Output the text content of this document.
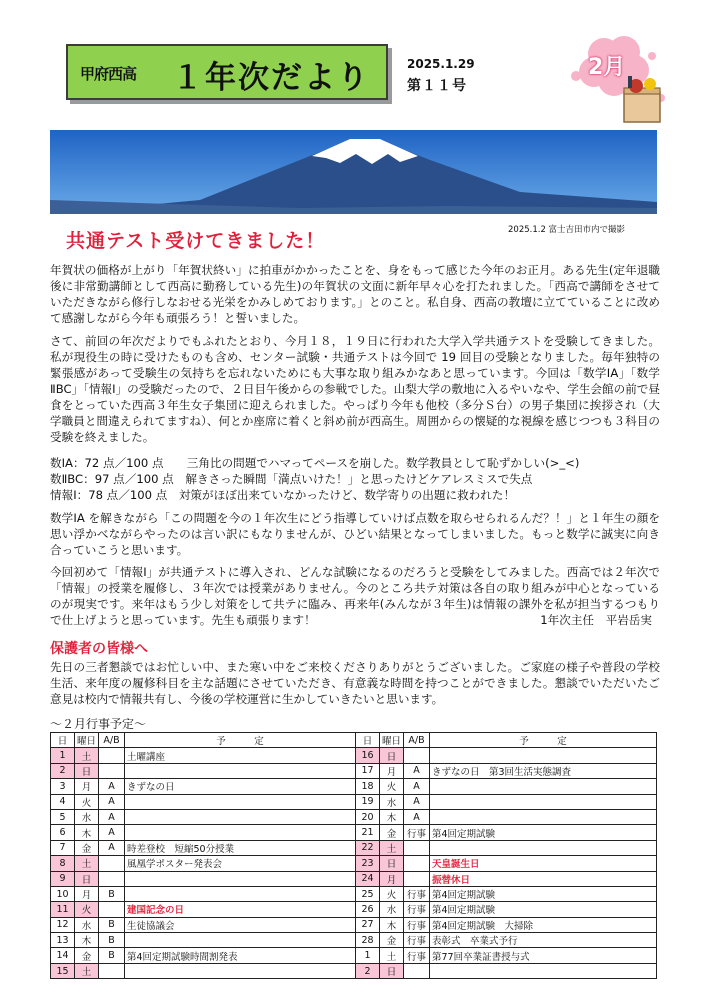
甲府西高 １年次だより	2025.1.29
第１１号
2月
2025.1.2 富士吉田市内で撮影
共通テスト受けてきました！

年賀状の価格が上がり「年賀状終い」に拍車がかかったことを、身をもって感じた今年のお正月。ある先生(定年退職後に非常勤講師として西高に勤務している先生)の年賀状の文面に新年早々心を打たれました。「西高で講師をさせていただきながら修行しなおせる光栄をかみしめております。」とのこと。私自身、西高の教壇に立てていることに改めて感謝しながら今年も頑張ろう！と誓いました。

さて、前回の年次だよりでもふれたとおり、今月１８，１９日に行われた大学入学共通テストを受験してきました。私が現役生の時に受けたものも含め、センター試験・共通テストは今回で 19 回目の受験となりました。毎年独特の緊張感があって受験生の気持ちを忘れないためにも大事な取り組みかなあと思っています。今回は「数学ⅠA」「数学ⅡBC」「情報Ⅰ」の受験だったので、２日目午後からの参戦でした。山梨大学の敷地に入るやいなや、学生会館の前で昼食をとっていた西高３年生女子集団に迎えられました。やっぱり今年も他校（多分Ｓ台）の男子集団に挨拶され（大学職員と間違えられてますね）、何とか座席に着くと斜め前が西高生。周囲からの懐疑的な視線を感じつつも３科目の受験を終えました。

数ⅠA：72 点／100 点　　三角比の問題でハマってペースを崩した。数学教員として恥ずかしい(>_<)

数ⅡBC：97 点／100 点　解きさった瞬間「満点いけた！」と思ったけどケアレスミスで失点

情報Ⅰ：78 点／100 点　対策がほぼ出来ていなかったけど、数学寄りの出題に救われた！

数学ⅠA を解きながら「この問題を今の１年次生にどう指導していけば点数を取らせられるんだ？！」と１年生の顔を思い浮かべながらやったのは言い訳にもなりませんが、ひどい結果となってしまいました。もっと数学に誠実に向き合っていこうと思います。

今回初めて「情報Ⅰ」が共通テストに導入され、どんな試験になるのだろうと受験をしてみました。西高では２年次で「情報」の授業を履修し、３年次では授業がありません。今のところ共テ対策は各自の取り組みが中心となっているのが現実です。来年はもう少し対策をして共テに臨み、再来年(みんなが３年生)は情報の課外を私が担当するつもりで仕上げようと思っています。先生も頑張ります！	1年次主任　平岩岳実
保護者の皆様へ

先日の三者懇談ではお忙しい中、また寒い中をご来校くださりありがとうございました。ご家庭の様子や普段の学校生活、来年度の履修科目を主な話題にさせていただき、有意義な時間を持つことができました。懇談でいただいたご意見は校内で情報共有し、今後の学校運営に生かしていきたいと思います。

～２月行事予定～
日	曜日	A/B	予　　　定
1	土		土曜講座
2	日		
3	月	A	きずなの日
4	火	A	
5	水	A	
6	木	A	
7	金	A	時差登校　短縮50分授業
8	土		風凰学ポスター発表会
9	日		
10	月	B	
11	火		建国記念の日
12	水	B	生徒協議会
13	木	B	
14	金	B	第4回定期試験時間割発表
15	土		
日	曜日	A/B	予　　　定
16	日		
17	月	A	きずなの日　第3回生活実態調査
18	火	A	
19	水	A	
20	木	A	
21	金	行事	第4回定期試験
22	土		
23	日		天皇誕生日
24	月		振替休日
25	火	行事	第4回定期試験
26	水	行事	第4回定期試験
27	木	行事	第4回定期試験　大掃除
28	金	行事	表彰式　卒業式予行
1	土	行事	第77回卒業証書授与式
2	日		
